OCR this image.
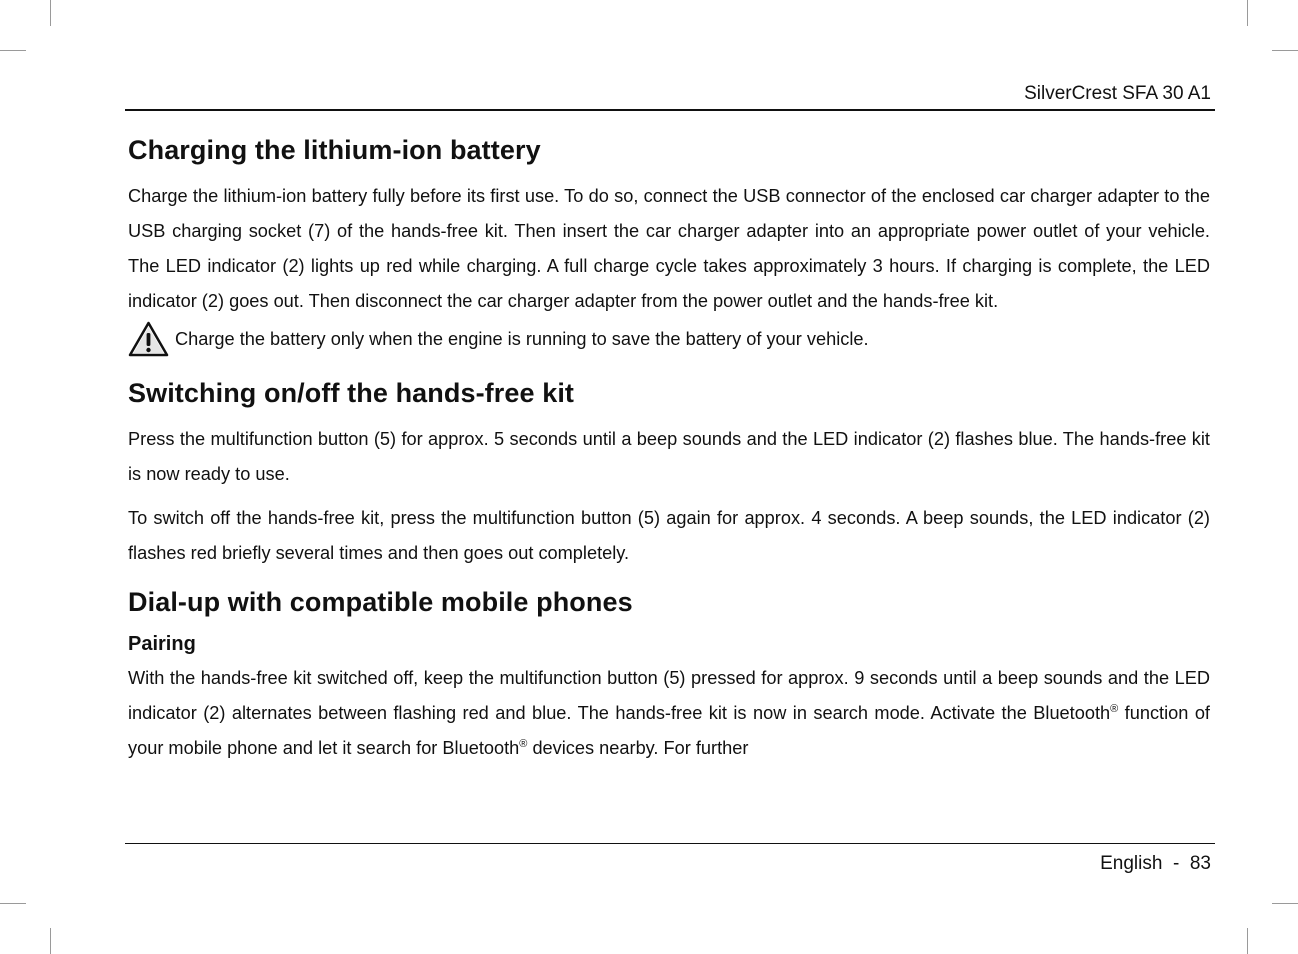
SilverCrest SFA 30 A1
Charging the lithium-ion battery

Charge the lithium-ion battery fully before its first use. To do so, connect the USB connector of the enclosed car charger adapter to the USB charging socket (7) of the hands-free kit. Then insert the car charger adapter into an appropriate power outlet of your vehicle. The LED indicator (2) lights up red while charging. A full charge cycle takes approximately 3 hours. If charging is complete, the LED indicator (2) goes out. Then disconnect the car charger adapter from the power outlet and the hands-free kit.

Charge the battery only when the engine is running to save the battery of your vehicle.
Switching on/off the hands-free kit

Press the multifunction button (5) for approx. 5 seconds until a beep sounds and the LED indicator (2) flashes blue. The hands-free kit is now ready to use.

To switch off the hands-free kit, press the multifunction button (5) again for approx. 4 seconds. A beep sounds, the LED indicator (2) flashes red briefly several times and then goes out completely.

Dial-up with compatible mobile phones
Pairing

With the hands-free kit switched off, keep the multifunction button (5) pressed for approx. 9 seconds until a beep sounds and the LED indicator (2) alternates between flashing red and blue. The hands-free kit is now in search mode. Activate the Bluetooth® function of your mobile phone and let it search for Bluetooth® devices nearby. For further

English - 83
